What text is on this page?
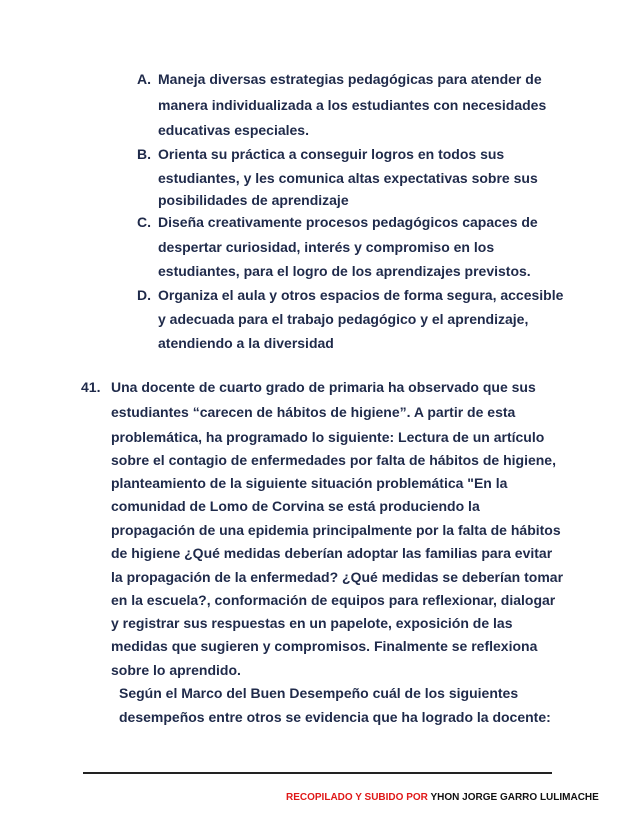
A. Maneja diversas estrategias pedagógicas para atender de
manera individualizada a los estudiantes con necesidades
educativas especiales.
B. Orienta su práctica a conseguir logros en todos sus
estudiantes, y les comunica altas expectativas sobre sus
posibilidades de aprendizaje
C. Diseña creativamente procesos pedagógicos capaces de
despertar curiosidad, interés y compromiso en los
estudiantes, para el logro de los aprendizajes previstos.
D. Organiza el aula y otros espacios de forma segura, accesible
y adecuada para el trabajo pedagógico y el aprendizaje,
atendiendo a la diversidad
41. Una docente de cuarto grado de primaria ha observado que sus
estudiantes “carecen de hábitos de higiene”. A partir de esta
problemática, ha programado lo siguiente: Lectura de un artículo
sobre el contagio de enfermedades por falta de hábitos de higiene,
planteamiento de la siguiente situación problemática "En la
comunidad de Lomo de Corvina se está produciendo la
propagación de una epidemia principalmente por la falta de hábitos
de higiene ¿Qué medidas deberían adoptar las familias para evitar
la propagación de la enfermedad? ¿Qué medidas se deberían tomar
en la escuela?, conformación de equipos para reflexionar, dialogar
y registrar sus respuestas en un papelote, exposición de las
medidas que sugieren y compromisos. Finalmente se reflexiona
sobre lo aprendido.
Según el Marco del Buen Desempeño cuál de los siguientes
desempeños entre otros se evidencia que ha logrado la docente:
RECOPILADO Y SUBIDO POR YHON JORGE GARRO LULIMACHE
